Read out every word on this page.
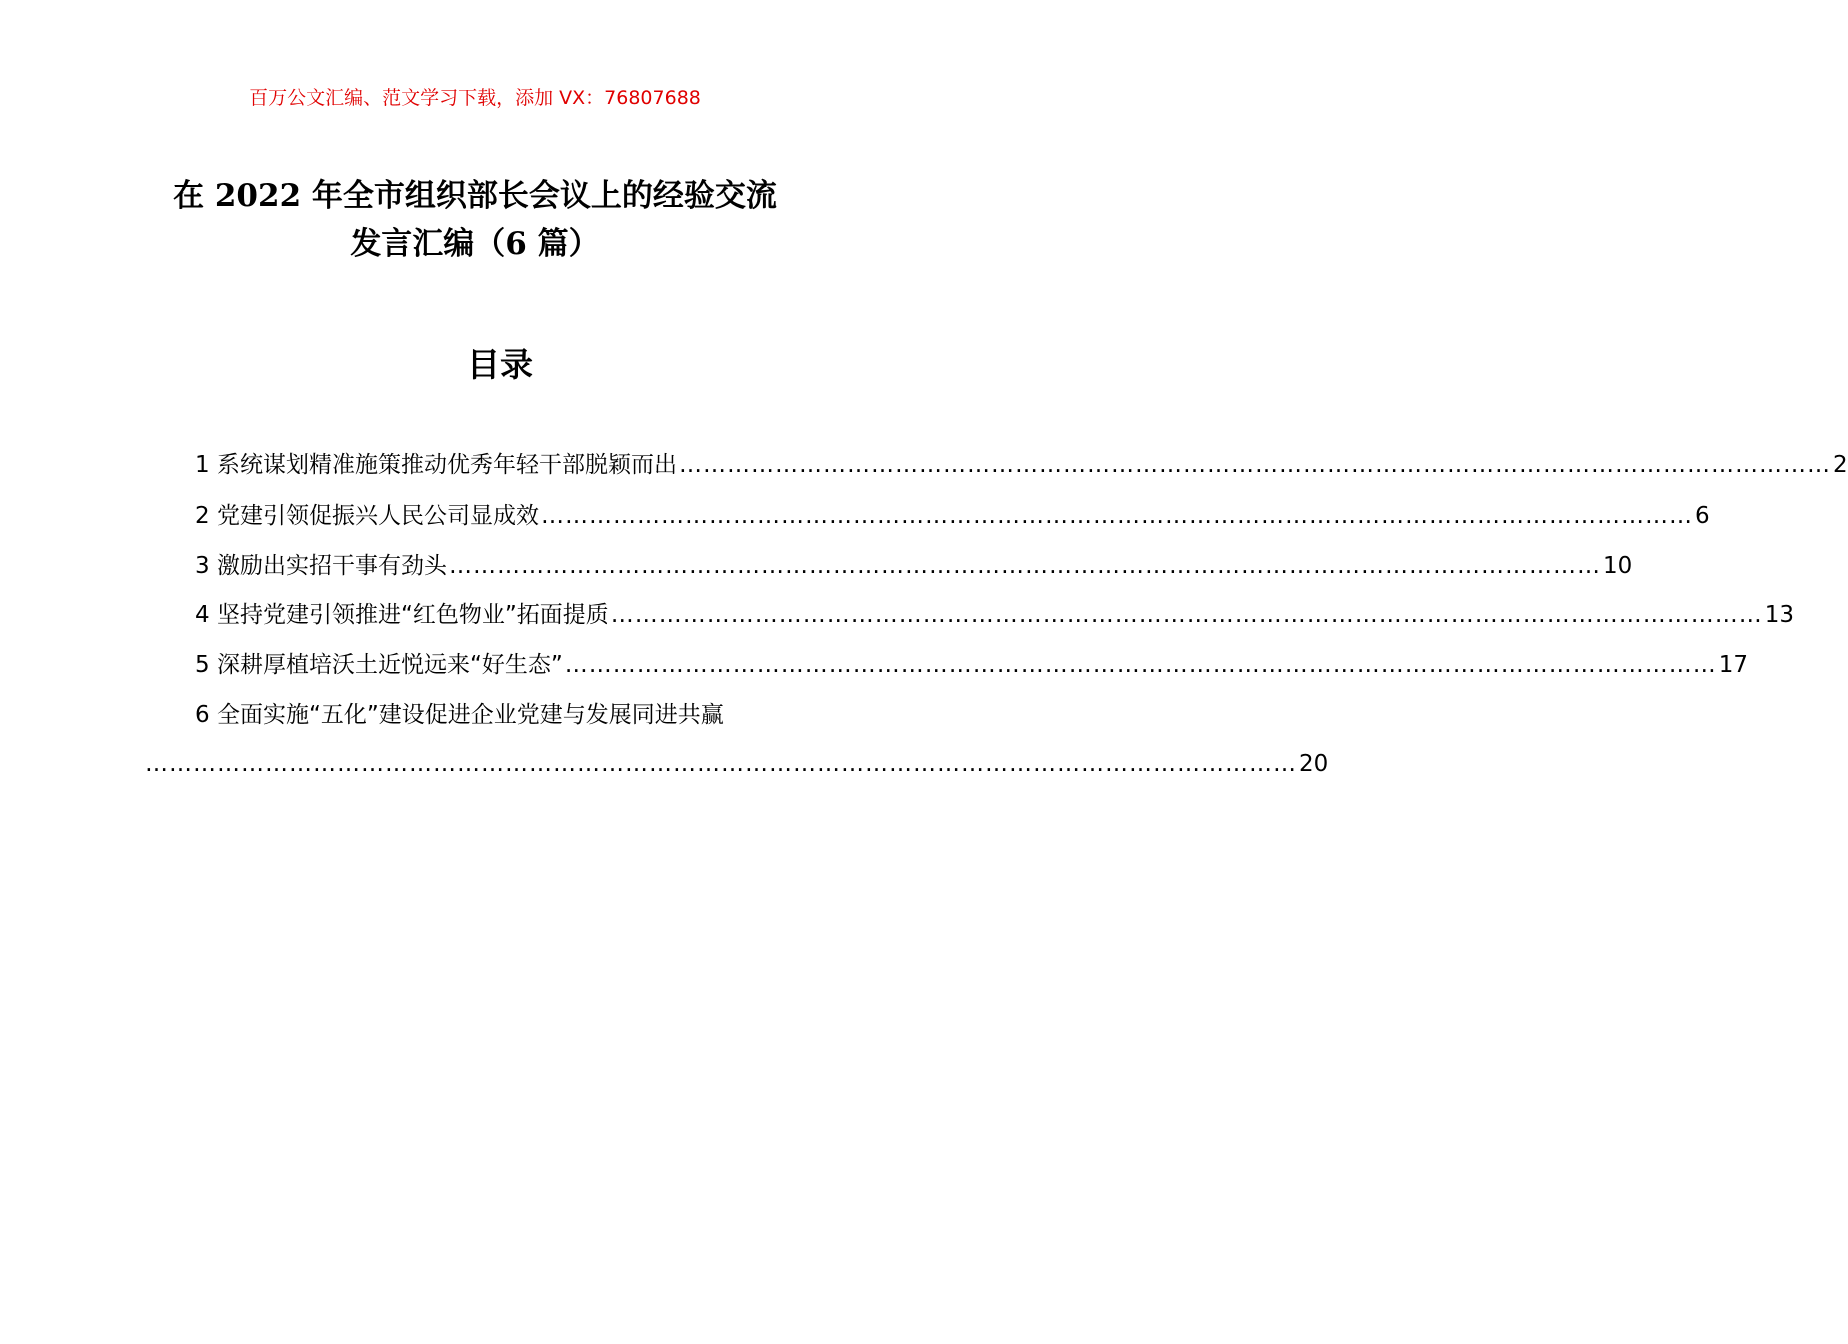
百万公文汇编、范文学习下载，添加 VX：76807688
在 2022 年全市组织部长会议上的经验交流
发言汇编（6 篇）
目录
1 系统谋划精准施策推动优秀年轻干部脱颖而出 ……………………………………………………………………………………………………………………………… 2
2 党建引领促振兴人民公司显成效 ……………………………………………………………………………………………………………………………… 6
3 激励出实招干事有劲头 ……………………………………………………………………………………………………………………………… 10
4 坚持党建引领推进“红色物业”拓面提质 ……………………………………………………………………………………………………………………………… 13
5 深耕厚植培沃土近悦远来“好生态” ……………………………………………………………………………………………………………………………… 17
6 全面实施“五化”建设促进企业党建与发展同进共赢
……………………………………………………………………………………………………………………………… 20
